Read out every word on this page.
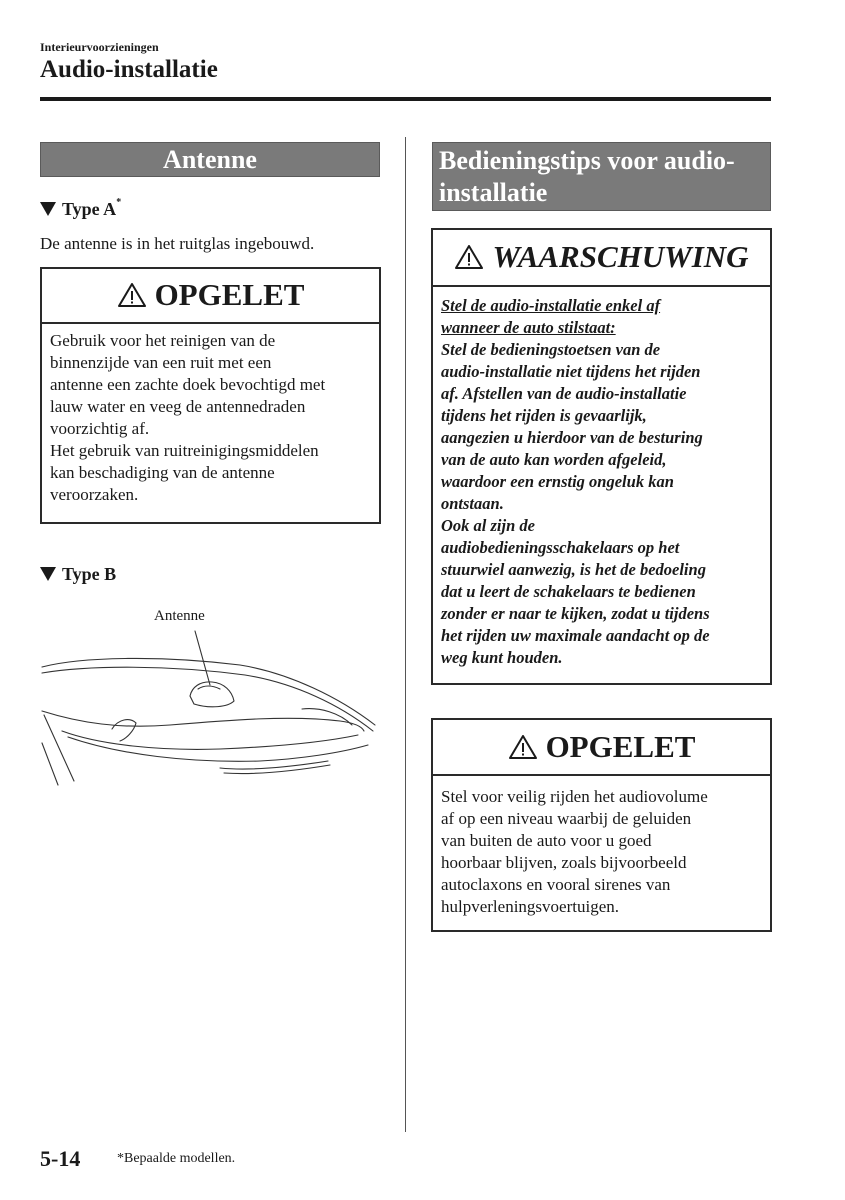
Interieurvoorzieningen
Audio-installatie
Antenne
Type A*
De antenne is in het ruitglas ingebouwd.
OPGELET
Gebruik voor het reinigen van de
binnenzijde van een ruit met een
antenne een zachte doek bevochtigd met
lauw water en veeg de antennedraden
voorzichtig af.
Het gebruik van ruitreinigingsmiddelen
kan beschadiging van de antenne
veroorzaken.
Type B
Antenne
Bedieningstips voor audio-
installatie
WAARSCHUWING
Stel de audio-installatie enkel af
wanneer de auto stilstaat:
Stel de bedieningstoetsen van de
audio-installatie niet tijdens het rijden
af. Afstellen van de audio-installatie
tijdens het rijden is gevaarlijk,
aangezien u hierdoor van de besturing
van de auto kan worden afgeleid,
waardoor een ernstig ongeluk kan
ontstaan.
Ook al zijn de
audiobedieningsschakelaars op het
stuurwiel aanwezig, is het de bedoeling
dat u leert de schakelaars te bedienen
zonder er naar te kijken, zodat u tijdens
het rijden uw maximale aandacht op de
weg kunt houden.
OPGELET
Stel voor veilig rijden het audiovolume
af op een niveau waarbij de geluiden
van buiten de auto voor u goed
hoorbaar blijven, zoals bijvoorbeeld
autoclaxons en vooral sirenes van
hulpverleningsvoertuigen.
5-14	*Bepaalde modellen.
